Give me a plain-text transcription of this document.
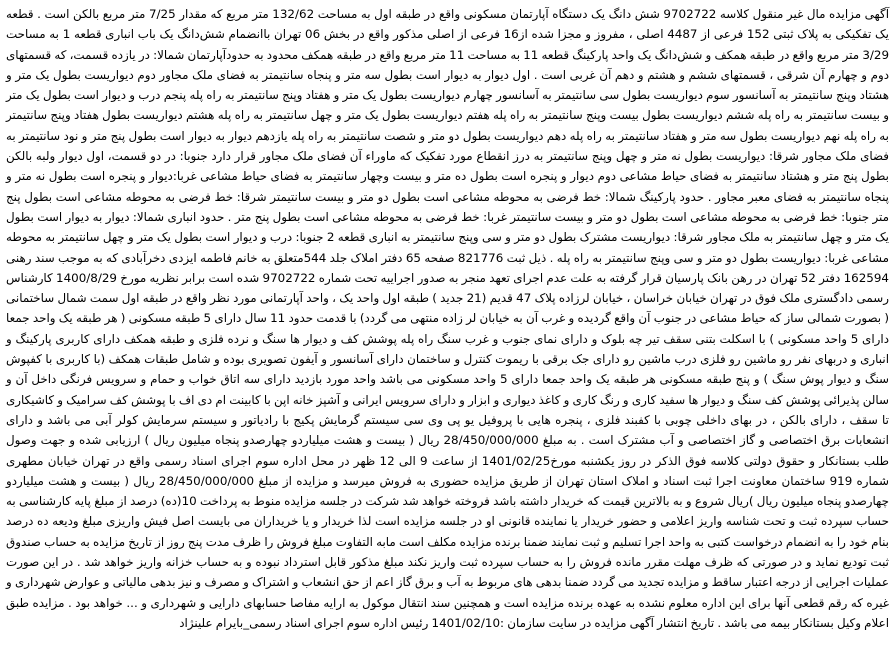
آگهی مزایده مال غیر منقول کلاسه 9702722 شش دانگ یک دستگاه آپارتمان مسکونی واقع در طبقه اول به مساحت 132/62 متر مربع که مقدار 7/25 متر مربع بالکن است . قطعه یک تفکیکی به پلاک ثبتی 152 فرعی از 4487 اصلی ، مفروز و مجزا شده از16 فرعی از اصلی مذکور واقع در بخش 06 تهران باانضمام شش‌دانگ یک باب انباری قطعه 1 به مساحت 3/29 متر مربع واقع در طبقه همکف و شش‌دانگ یک واحد پارکینگ قطعه 11 به مساحت 11 متر مربع واقع در طبقه همکف محدود به حدودآپارتمان شمالا: در یازده قسمت، که قسمتهای دوم و چهارم آن شرقی ، قسمتهای ششم و هشتم و دهم آن غربی است . اول دیوار به دیوار است بطول سه متر و پنجاه سانتیمتر به فضای ملک مجاور دوم دیواریست بطول یک متر و هشتاد وپنج سانتیمتر به آسانسور سوم دیواریست بطول سی سانتیمتر به آسانسور چهارم دیواریست بطول یک متر و هفتاد وپنج سانتیمتر به راه پله پنجم درب و دیوار است بطول یک متر و بیست سانتیمتر به راه پله ششم دیواریست بطول بیست وپنج سانتیمتر به راه پله هفتم دیواریست بطول یک متر و چهل سانتیمتر به راه پله هشتم دیواریست بطول هفتاد وپنج سانتیمتر به راه پله نهم دیواریست بطول سه متر و هفتاد سانتیمتر به راه پله دهم دیواریست بطول دو متر و شصت سانتیمتر به راه پله یازدهم دیوار به دیوار است بطول پنج متر و نود سانتیمتر به فضای ملک مجاور شرقا: دیواریست بطول نه متر و چهل وپنج سانتیمتر به درز انقطاع مورد تفکیک که ماوراء آن فضای ملک مجاور قرار دارد جنوبا: در دو قسمت، اول دیوار ولبه بالکن بطول پنج متر و هشتاد سانتیمتر به فضای حیاط مشاعی دوم دیوار و پنجره است بطول ده متر و بیست وچهار سانتیمتر به فضای حیاط مشاعی غربا:دیوار و پنجره است بطول نه متر و پنجاه سانتیمتر به فضای معبر مجاور . حدود پارکینگ شمالا: خط فرضی به محوطه مشاعی است بطول دو متر و بیست سانتیمتر شرقا: خط فرضی به محوطه مشاعی است بطول پنج متر جنوبا: خط فرضی به محوطه مشاعی است بطول دو متر و بیست سانتیمتر غربا: خط فرضی به محوطه مشاعی است بطول پنج متر . حدود انباری شمالا: دیوار به دیوار است بطول یک متر و چهل سانتیمتر به ملک مجاور شرقا: دیواریست مشترک بطول دو متر و سی وپنج سانتیمتر به انباری قطعه 2 جنوبا: درب و دیوار است بطول یک متر و چهل سانتیمتر به محوطه مشاعی غربا: دیواریست بطول دو متر و سی وپنج سانتیمتر به راه پله . ذیل ثبت 821776 صفحه 65 دفتر املاک جلد 544متعلق به خانم فاطمه ایزدی دخرآبادی که به موجب سند رهنی 162594 دفتر 52 تهران در رهن بانک پارسیان قرار گرفته به علت عدم اجرای تعهد منجر به صدور اجراییه تحت شماره 9702722 شده است برابر نظریه مورخ 1400/8/29 کارشناس رسمی دادگستری ملک فوق در تهران خیابان خراسان ، خیابان لرزاده پلاک 47 قدیم (21 جدید ) طبقه اول واحد یک ، واحد آپارتمانی مورد نظر واقع در طبقه اول سمت شمال ساختمانی ( بصورت شمالی ساز که حیاط مشاعی در جنوب آن واقع گردیده و غرب آن به خیابان لر زاده منتهی می گردد) با قدمت حدود 11 سال دارای 5 طبقه مسکونی ( هر طبقه یک واحد جمعا دارای 5 واحد مسکونی ) با اسکلت بتنی سقف تیر چه بلوک و دارای نمای جنوب و غرب سنگ راه پله پوشش کف و دیوار ها سنگ و نرده فلزی و طبقه همکف دارای کاربری پارکینگ و انباری و دربهای نفر رو ماشین رو فلزی درب ماشین رو دارای جک برقی با ریموت کنترل و ساختمان دارای آسانسور و آیفون تصویری بوده و شامل طبقات همکف (با کاربری با کفپوش سنگ و دیوار پوش سنگ ) و پنج طبقه مسکونی هر طبقه یک واحد جمعا دارای 5 واحد مسکونی می باشد واحد مورد بازدید دارای سه اتاق خواب و حمام و سرویس فرنگی داخل آن و سالن پذیرائی پوشش کف سنگ و دیوار ها سفید کاری و رنگ کاری و کاغذ دیواری و ابزار و دارای سرویس ایرانی و آشپز خانه اپن با کابینت ام دی اف با پوشش کف سرامیک و کاشیکاری تا سقف ، دارای بالکن ، در بهای داخلی چوبی با کفبند فلزی ، پنجره هایی با پروفیل یو پی وی سی سیستم گرمایش پکیج با رادیاتور و سیستم سرمایش کولر آبی می باشد و دارای انشعابات برق اختصاصی و گاز اختصاصی و آب مشترک است . به مبلغ 28/450/000/000 ریال ( بیست و هشت میلیاردو چهارصدو پنجاه میلیون ریال ) ارزیابی شده و جهت وصول طلب بستانکار و حقوق دولتی کلاسه فوق الذکر در روز یکشنبه مورخ1401/02/25 از ساعت 9 الی 12 ظهر در محل اداره سوم اجرای اسناد رسمی واقع در تهران خیابان مطهری شماره 919 ساختمان معاونت اجرا ثبت اسناد و املاک استان تهران از طریق مزایده حضوری به فروش میرسد و مزایده از مبلغ 28/450/000/000 ریال ( بیست و هشت میلیاردو چهارصدو پنجاه میلیون ریال )ریال شروع و به بالاترین قیمت که خریدار داشته باشد فروخته خواهد شد شرکت در جلسه مزایده منوط به پرداخت 10(ده) درصد از مبلغ پایه کارشناسی به حساب سپرده ثبت و تحت شناسه واریز اعلامی و حضور خریدار یا نماینده قانونی او در جلسه مزایده است لذا خریدار و یا خریداران می بایست اصل فیش واریزی مبلغ ودیعه ده درصد بنام خود را به انضمام درخواست کتبی به واحد اجرا تسلیم و ثبت نمایند ضمنا برنده مزایده مکلف است مابه التفاوت مبلغ فروش را ظرف مدت پنج روز از تاریخ مزایده به حساب صندوق ثبت تودیع نماید و در صورتی که ظرف مهلت مقرر مانده فروش را به حساب سپرده ثبت واریز نکند مبلغ مذکور قابل استرداد نبوده و به حساب خزانه واریز خواهد شد . در این صورت عملیات اجرایی از درجه اعتبار ساقط و مزایده تجدید می گردد ضمنا بدهی های مربوط به آب و برق گاز اعم از حق انشعاب و اشتراک و مصرف و نیز بدهی مالیاتی و عوارض شهرداری و غیره که رقم قطعی آنها برای این اداره معلوم نشده به عهده برنده مزایده است و همچنین سند انتقال موکول به ارایه مفاصا حسابهای دارایی و شهرداری و ... خواهد بود . مزایده طبق اعلام وکیل بستانکار بیمه می باشد . تاریخ انتشار آگهی مزایده در سایت سازمان :1401/02/10 رئیس اداره سوم اجرای اسناد رسمی_بایرام علینژاد
